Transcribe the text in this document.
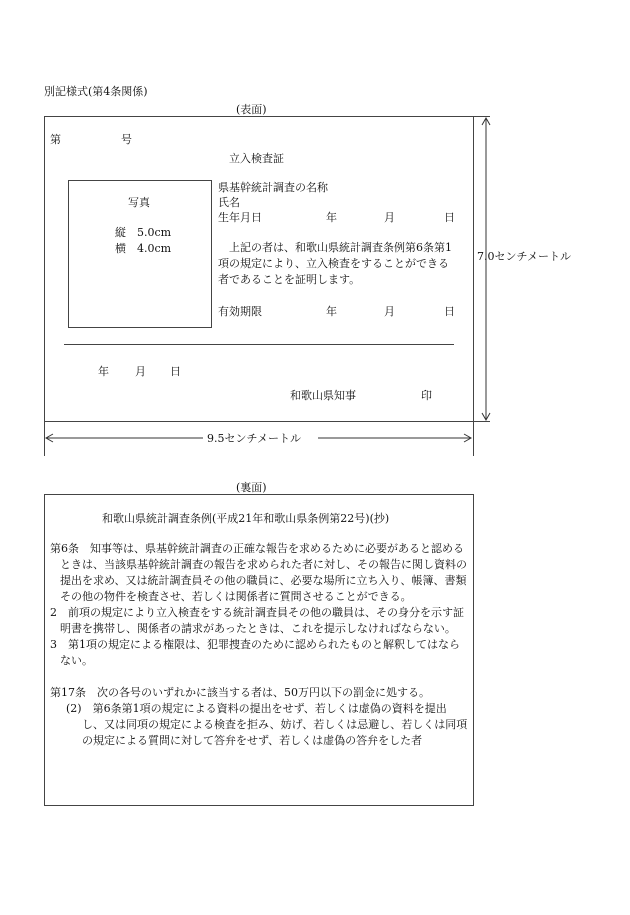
別記様式(第4条関係)
(表面)
第	号
立入検査証
写真
縦　5.0cm
横　4.0cm
県基幹統計調査の名称
氏名
生年月日	年	月	日
　上記の者は、和歌山県統計調査条例第6条第1
項の規定により、立入検査をすることができる
者であることを証明します。
有効期限	年	月	日
年 月 日
和歌山県知事	印
7.0センチメートル
9.5センチメートル
(裏面)
和歌山県統計調査条例(平成21年和歌山県条例第22号)(抄)

第6条　知事等は、県基幹統計調査の正確な報告を求めるために必要があると認めるときは、当該県基幹統計調査の報告を求められた者に対し、その報告に関し資料の提出を求め、又は統計調査員その他の職員に、必要な場所に立ち入り、帳簿、書類その他の物件を検査させ、若しくは関係者に質問させることができる。

2　前項の規定により立入検査をする統計調査員その他の職員は、その身分を示す証明書を携帯し、関係者の請求があったときは、これを提示しなければならない。

3　第1項の規定による権限は、犯罪捜査のために認められたものと解釈してはならない。

第17条　次の各号のいずれかに該当する者は、50万円以下の罰金に処する。

(2)　第6条第1項の規定による資料の提出をせず、若しくは虚偽の資料を提出し、又は同項の規定による検査を拒み、妨げ、若しくは忌避し、若しくは同項の規定による質問に対して答弁をせず、若しくは虚偽の答弁をした者
